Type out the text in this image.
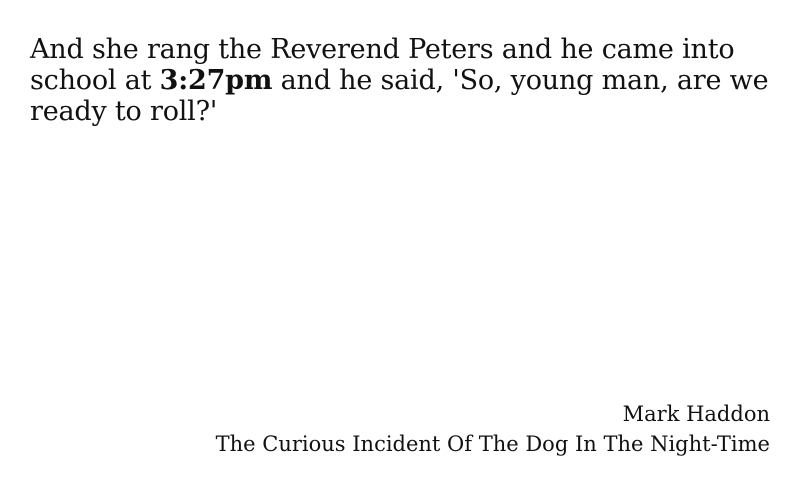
And she rang the Reverend Peters and he came into school at 3:27pm and he said, 'So, young man, are we ready to roll?'

Mark Haddon
The Curious Incident Of The Dog In The Night-Time
